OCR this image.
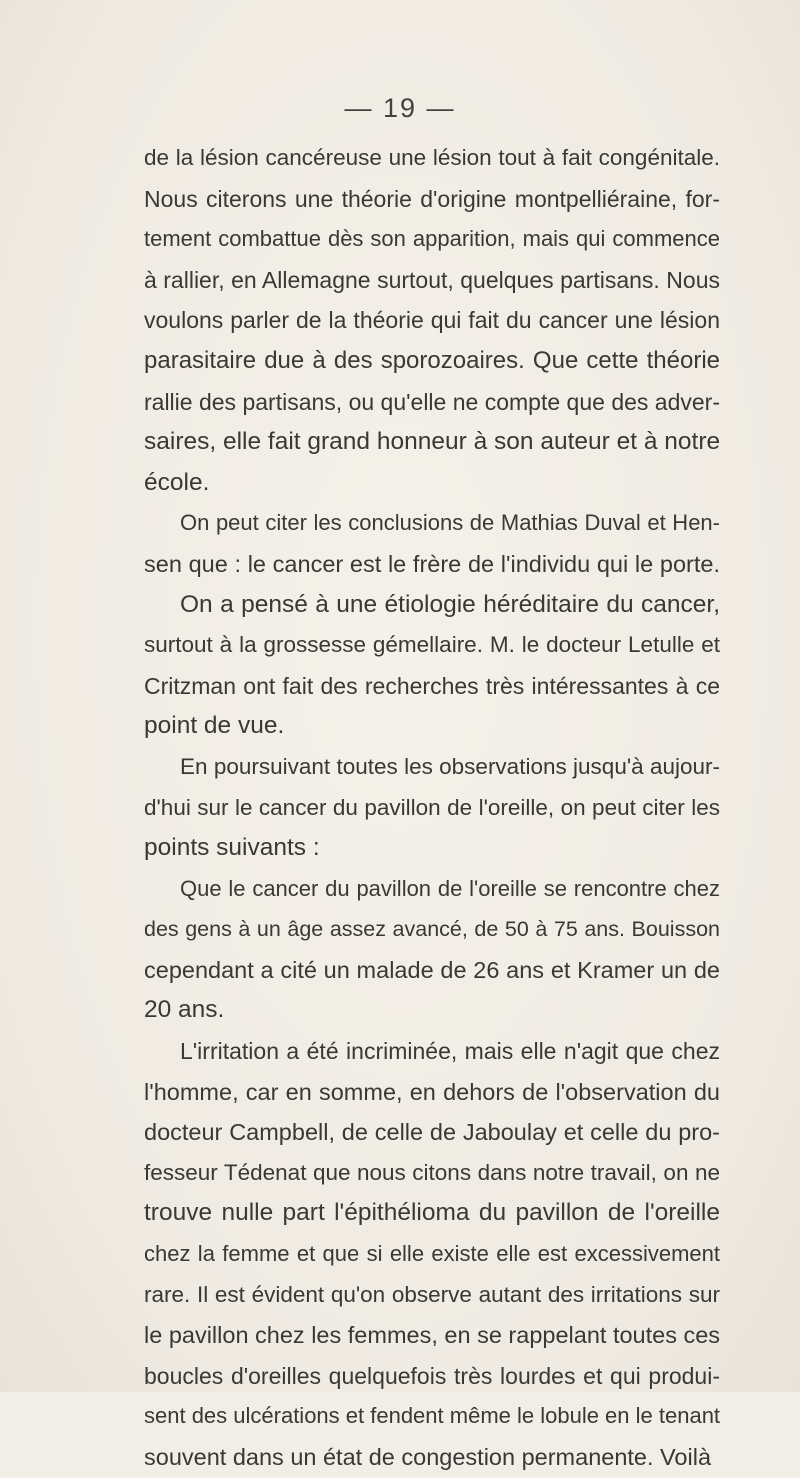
— 19 —
de la lésion cancéreuse une lésion tout à fait congénitale.
Nous citerons une théorie d'origine montpelliéraine, for-
tement combattue dès son apparition, mais qui commence
à rallier, en Allemagne surtout, quelques partisans. Nous
voulons parler de la théorie qui fait du cancer une lésion
parasitaire due à des sporozoaires. Que cette théorie
rallie des partisans, ou qu'elle ne compte que des adver-
saires, elle fait grand honneur à son auteur et à notre
école.
On peut citer les conclusions de Mathias Duval et Hen-
sen que : le cancer est le frère de l'individu qui le porte.
On a pensé à une étiologie héréditaire du cancer,
surtout à la grossesse gémellaire. M. le docteur Letulle et
Critzman ont fait des recherches très intéressantes à ce
point de vue.
En poursuivant toutes les observations jusqu'à aujour-
d'hui sur le cancer du pavillon de l'oreille, on peut citer les
points suivants :
Que le cancer du pavillon de l'oreille se rencontre chez
des gens à un âge assez avancé, de 50 à 75 ans. Bouisson
cependant a cité un malade de 26 ans et Kramer un de
20 ans.
L'irritation a été incriminée, mais elle n'agit que chez
l'homme, car en somme, en dehors de l'observation du
docteur Campbell, de celle de Jaboulay et celle du pro-
fesseur Tédenat que nous citons dans notre travail, on ne
trouve nulle part l'épithélioma du pavillon de l'oreille
chez la femme et que si elle existe elle est excessivement
rare. Il est évident qu'on observe autant des irritations sur
le pavillon chez les femmes, en se rappelant toutes ces
boucles d'oreilles quelquefois très lourdes et qui produi-
sent des ulcérations et fendent même le lobule en le tenant
souvent dans un état de congestion permanente. Voilà
